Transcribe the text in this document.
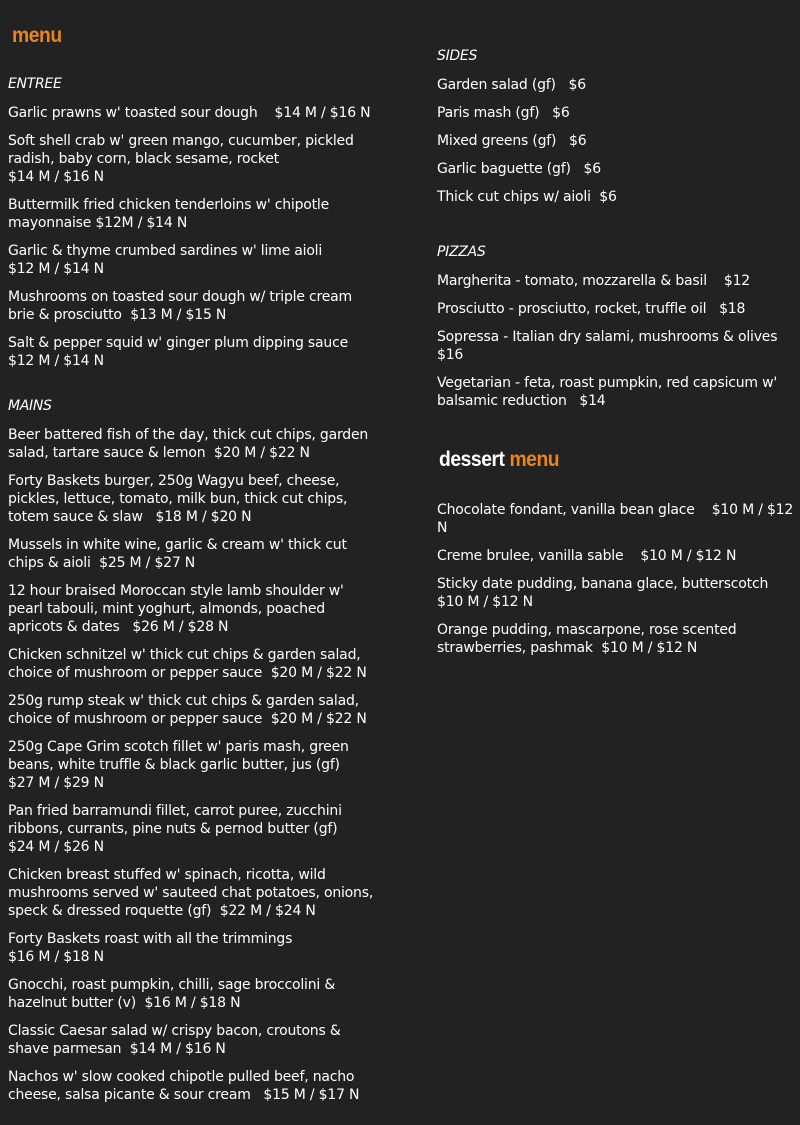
menu
ENTREE
Garlic prawns w' toasted sour dough    $14 M / $16 N
Soft shell crab w' green mango, cucumber, pickled radish, baby corn, black sesame, rocket
$14 M / $16 N
Buttermilk fried chicken tenderloins w' chipotle mayonnaise $12M / $14 N
Garlic & thyme crumbed sardines w' lime aioli
$12 M / $14 N
Mushrooms on toasted sour dough w/ triple cream brie & prosciutto  $13 M / $15 N
Salt & pepper squid w' ginger plum dipping sauce
$12 M / $14 N
MAINS
Beer battered fish of the day, thick cut chips, garden salad, tartare sauce & lemon  $20 M / $22 N
Forty Baskets burger, 250g Wagyu beef, cheese, pickles, lettuce, tomato, milk bun, thick cut chips, totem sauce & slaw   $18 M / $20 N
Mussels in white wine, garlic & cream w' thick cut chips & aioli  $25 M / $27 N
12 hour braised Moroccan style lamb shoulder w' pearl tabouli, mint yoghurt, almonds, poached apricots & dates   $26 M / $28 N
Chicken schnitzel w' thick cut chips & garden salad, choice of mushroom or pepper sauce  $20 M / $22 N
250g rump steak w' thick cut chips & garden salad, choice of mushroom or pepper sauce  $20 M / $22 N
250g Cape Grim scotch fillet w' paris mash, green beans, white truffle & black garlic butter, jus (gf)
$27 M / $29 N
Pan fried barramundi fillet, carrot puree, zucchini ribbons, currants, pine nuts & pernod butter (gf)
$24 M / $26 N
Chicken breast stuffed w' spinach, ricotta, wild mushrooms served w' sauteed chat potatoes, onions, speck & dressed roquette (gf)  $22 M / $24 N
Forty Baskets roast with all the trimmings
$16 M / $18 N
Gnocchi, roast pumpkin, chilli, sage broccolini & hazelnut butter (v)  $16 M / $18 N
Classic Caesar salad w/ crispy bacon, croutons & shave parmesan  $14 M / $16 N
Nachos w' slow cooked chipotle pulled beef, nacho cheese, salsa picante & sour cream   $15 M / $17 N
SIDES
Garden salad (gf)   $6
Paris mash (gf)   $6
Mixed greens (gf)   $6
Garlic baguette (gf)   $6
Thick cut chips w/ aioli  $6
PIZZAS
Margherita - tomato, mozzarella & basil    $12
Prosciutto - prosciutto, rocket, truffle oil   $18
Sopressa - Italian dry salami, mushrooms & olives
$16
Vegetarian - feta, roast pumpkin, red capsicum w' balsamic reduction   $14
dessert menu
Chocolate fondant, vanilla bean glace    $10 M / $12 N
Creme brulee, vanilla sable    $10 M / $12 N
Sticky date pudding, banana glace, butterscotch
$10 M / $12 N
Orange pudding, mascarpone, rose scented strawberries, pashmak  $10 M / $12 N
